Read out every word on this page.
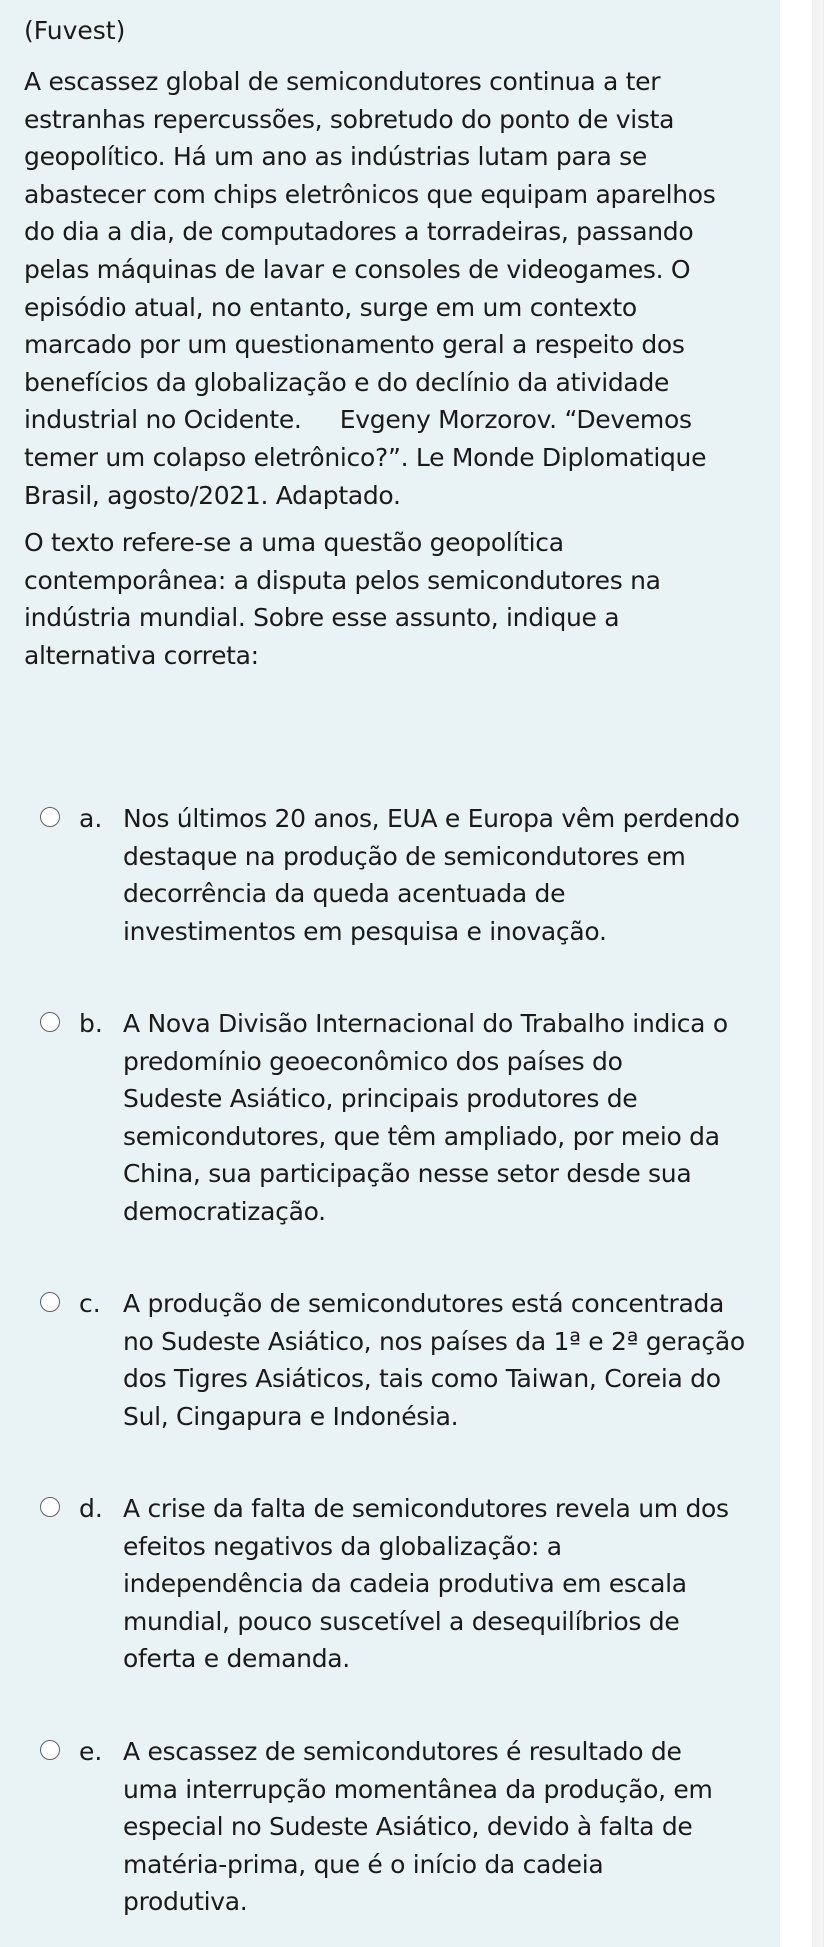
(Fuvest)
A escassez global de semicondutores continua a ter
estranhas repercussões, sobretudo do ponto de vista
geopolítico. Há um ano as indústrias lutam para se
abastecer com chips eletrônicos que equipam aparelhos
do dia a dia, de computadores a torradeiras, passando
pelas máquinas de lavar e consoles de videogames. O
episódio atual, no entanto, surge em um contexto
marcado por um questionamento geral a respeito dos
benefícios da globalização e do declínio da atividade
industrial no Ocidente.     Evgeny Morzorov. “Devemos
temer um colapso eletrônico?”. Le Monde Diplomatique
Brasil, agosto/2021. Adaptado.
O texto refere-se a uma questão geopolítica
contemporânea: a disputa pelos semicondutores na
indústria mundial. Sobre esse assunto, indique a
alternativa correta:
a. Nos últimos 20 anos, EUA e Europa vêm perdendo
destaque na produção de semicondutores em
decorrência da queda acentuada de
investimentos em pesquisa e inovação.
b. A Nova Divisão Internacional do Trabalho indica o
predomínio geoeconômico dos países do
Sudeste Asiático, principais produtores de
semicondutores, que têm ampliado, por meio da
China, sua participação nesse setor desde sua
democratização.
c. A produção de semicondutores está concentrada
no Sudeste Asiático, nos países da 1ª e 2ª geração
dos Tigres Asiáticos, tais como Taiwan, Coreia do
Sul, Cingapura e Indonésia.
d. A crise da falta de semicondutores revela um dos
efeitos negativos da globalização: a
independência da cadeia produtiva em escala
mundial, pouco suscetível a desequilíbrios de
oferta e demanda.
e. A escassez de semicondutores é resultado de
uma interrupção momentânea da produção, em
especial no Sudeste Asiático, devido à falta de
matéria-prima, que é o início da cadeia
produtiva.
